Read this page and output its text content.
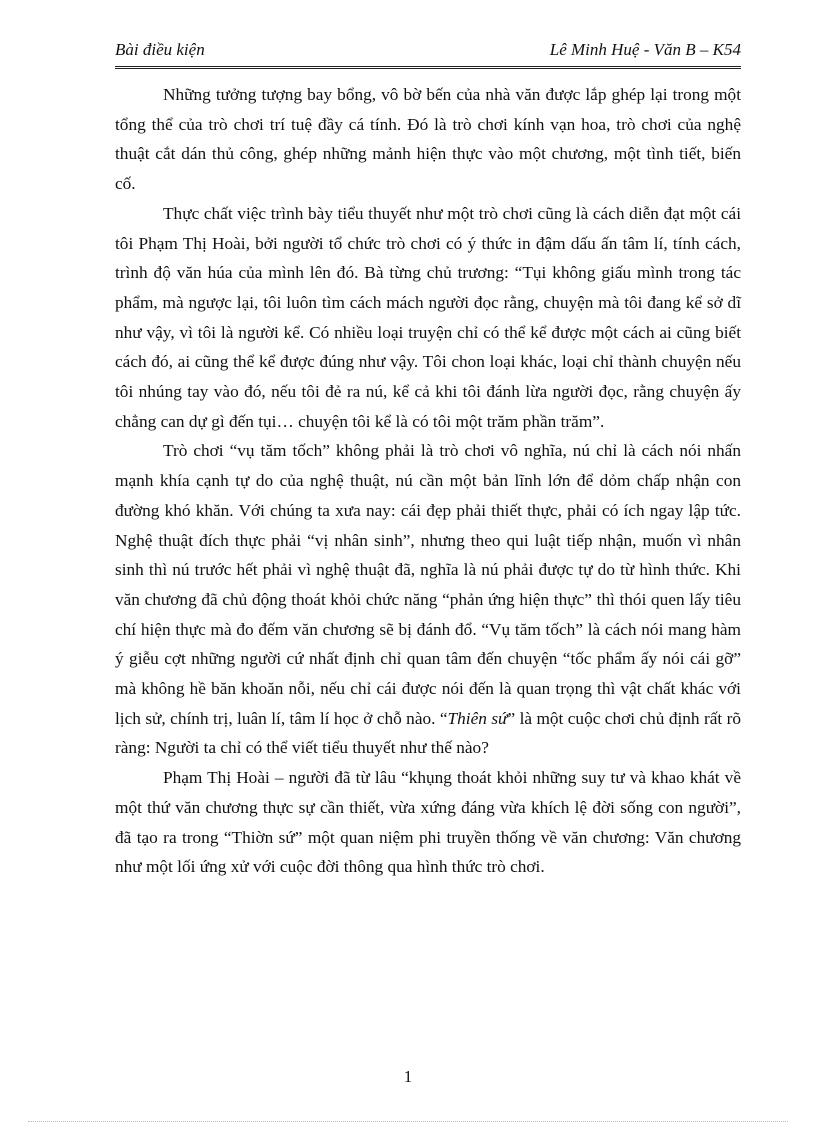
Bài điều kiện	Lê Minh Huệ - Văn B – K54

Những tưởng tượng bay bổng, vô bờ bến của nhà văn được lắp ghép lại trong một tổng thể của trò chơi trí tuệ đầy cá tính. Đó là trò chơi kính vạn hoa, trò chơi của nghệ thuật cắt dán thủ công, ghép những mảnh hiện thực vào một chương, một tình tiết, biến cố.

Thực chất việc trình bày tiểu thuyết như một trò chơi cũng là cách diễn đạt một cái tôi Phạm Thị Hoài, bởi người tổ chức trò chơi có ý thức in đậm dấu ấn tâm lí, tính cách, trình độ văn húa của mình lên đó. Bà từng chủ trương: “Tụi không giấu mình trong tác phẩm, mà ngược lại, tôi luôn tìm cách mách người đọc rằng, chuyện mà tôi đang kể sở dĩ như vậy, vì tôi là người kể. Có nhiều loại truyện chỉ có thể kể được một cách ai cũng biết cách đó, ai cũng thể kể được đúng như vậy. Tôi chon loại khác, loại chỉ thành chuyện nếu tôi nhúng tay vào đó, nếu tôi đẻ ra nú, kể cả khi tôi đánh lừa người đọc, rằng chuyện ấy chẳng can dự gì đến tụi… chuyện tôi kể là có tôi một trăm phần trăm”.

Trò chơi “vụ tăm tốch” không phải là trò chơi vô nghĩa, nú chỉ là cách nói nhấn mạnh khía cạnh tự do của nghệ thuật, nú cần một bản lĩnh lớn để dỏm chấp nhận con đường khó khăn. Với chúng ta xưa nay: cái đẹp phải thiết thực, phải có ích ngay lập tức. Nghệ thuật đích thực phải “vị nhân sinh”, nhưng theo qui luật tiếp nhận, muốn vì nhân sinh thì nú trước hết phải vì nghệ thuật đã, nghĩa là nú phải được tự do từ hình thức. Khi văn chương đã chủ động thoát khỏi chức năng “phản ứng hiện thực” thì thói quen lấy tiêu chí hiện thực mà đo đếm văn chương sẽ bị đánh đổ. “Vụ tăm tốch” là cách nói mang hàm ý giễu cợt những người cứ nhất định chỉ quan tâm đến chuyện “tốc phẩm ấy nói cái gỡ” mà không hề băn khoăn nỗi, nếu chỉ cái được nói đến là quan trọng thì vật chất khác với lịch sử, chính trị, luân lí, tâm lí học ở chỗ nào. “Thiên sứ” là một cuộc chơi chủ định rất rõ ràng: Người ta chỉ có thể viết tiểu thuyết như thế nào?

Phạm Thị Hoài – người đã từ lâu “khụng thoát khỏi những suy tư và khao khát về một thứ văn chương thực sự cần thiết, vừa xứng đáng vừa khích lệ đời sống con người”, đã tạo ra trong “Thiờn sứ” một quan niệm phi truyền thống về văn chương: Văn chương như một lối ứng xử với cuộc đời thông qua hình thức trò chơi.

1
